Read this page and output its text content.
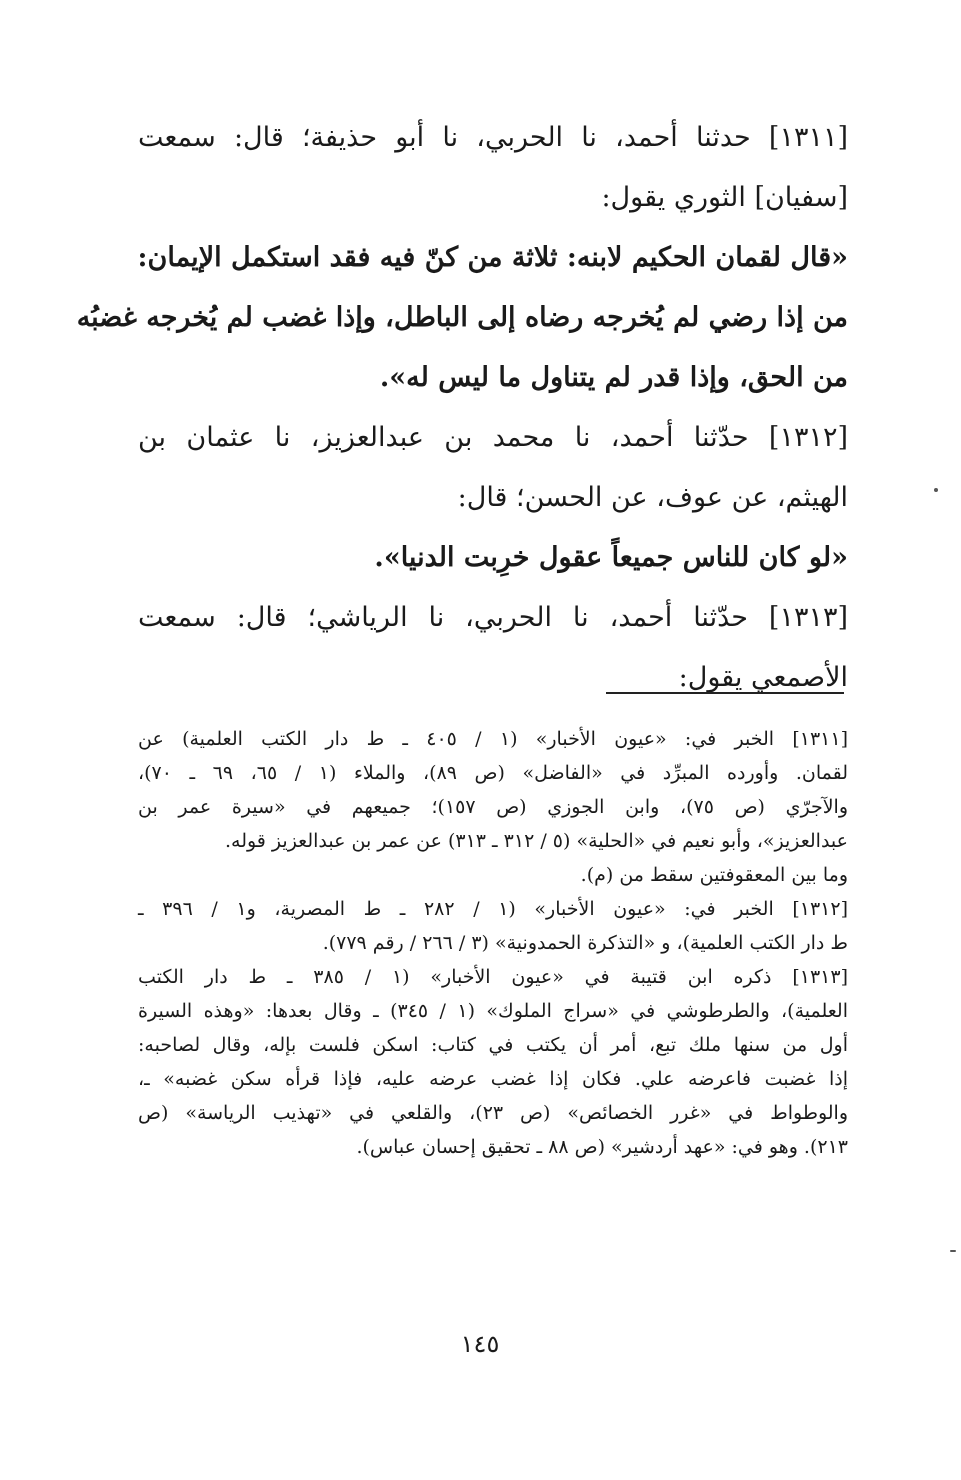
[١٣١١] حدثنا أحمد، نا الحربي، نا أبو حذيفة؛ قال: سمعت
[سفيان] الثوري يقول:
«قال لقمان الحكيم لابنه: ثلاثة من كنّ فيه فقد استكمل الإيمان:
من إذا رضي لم يُخرجه رضاه إلى الباطل، وإذا غضب لم يُخرجه غضبُه
من الحق، وإذا قدر لم يتناول ما ليس له».
[١٣١٢] حدّثنا أحمد، نا محمد بن عبدالعزيز، نا عثمان بن
الهيثم، عن عوف، عن الحسن؛ قال:
«لو كان للناس جميعاً عقول خرِبت الدنيا».
[١٣١٣] حدّثنا أحمد، نا الحربي، نا الرياشي؛ قال: سمعت
الأصمعي يقول:
[١٣١١] الخبر في: «عيون الأخبار» (١ / ٤٠٥ ـ ط دار الكتب العلمية) عن
لقمان. وأورده المبرِّد في «الفاضل» (ص ٨٩)، والملاء (١ / ٦٥، ٦٩ ـ ٧٠)،
والآجرّي (ص ٧٥)، وابن الجوزي (ص ١٥٧)؛ جميعهم في «سيرة عمر بن
عبدالعزيز»، وأبو نعيم في «الحلية» (٥ / ٣١٢ ـ ٣١٣) عن عمر بن عبدالعزيز قوله.
وما بين المعقوفتين سقط من (م).
[١٣١٢] الخبر في: «عيون الأخبار» (١ / ٢٨٢ ـ ط المصرية، و١ / ٣٩٦ ـ
ط دار الكتب العلمية)، و «التذكرة الحمدونية» (٣ / ٢٦٦ / رقم ٧٧٩).
[١٣١٣] ذكره ابن قتيبة في «عيون الأخبار» (١ / ٣٨٥ ـ ط دار الكتب
العلمية)، والطرطوشي في «سراج الملوك» (١ / ٣٤٥) ـ وقال بعدها: «وهذه السيرة
أول من سنها ملك تبع، أمر أن يكتب في كتاب: اسكن فلست بإله، وقال لصاحبه:
إذا غضبت فاعرضه علي. فكان إذا غضب عرضه عليه، فإذا قرأه سكن غضبه» ـ،
والوطواط في «غرر الخصائص» (ص ٢٣)، والقلعي في «تهذيب الرياسة» (ص
٢١٣). وهو في: «عهد أردشير» (ص ٨٨ ـ تحقيق إحسان عباس).
١٤٥
